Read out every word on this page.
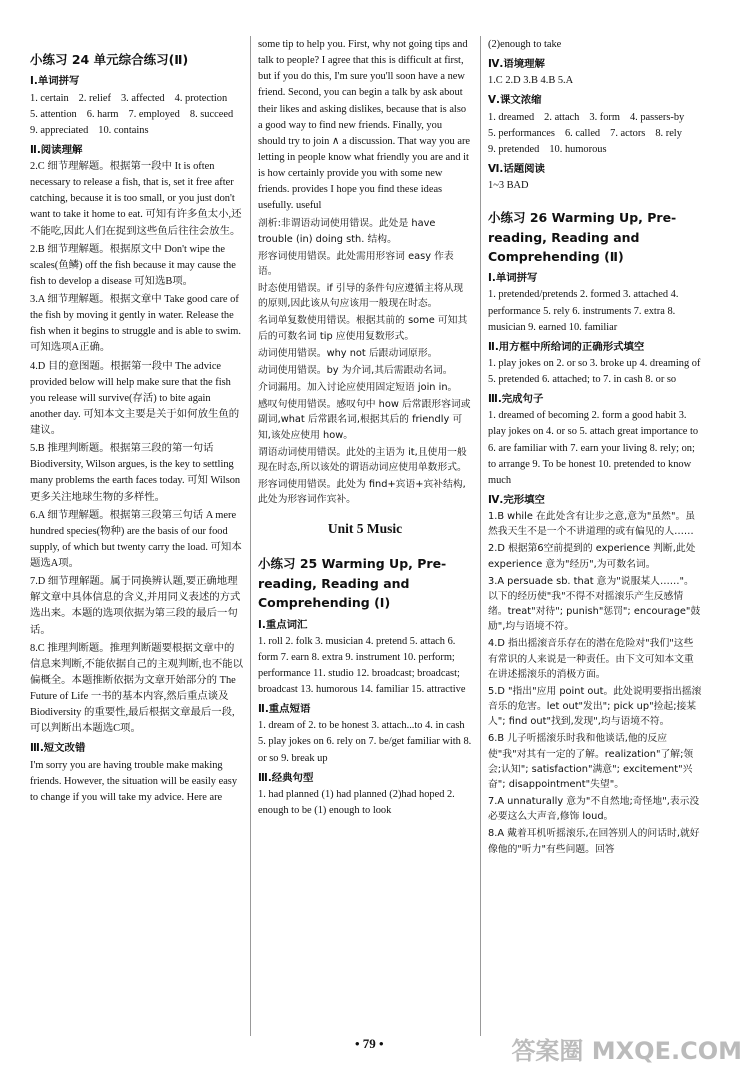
小练习 24 单元综合练习(Ⅱ)
Ⅰ.单词拼写
1. certain 2. relief 3. affected 4. protection
5. attention 6. harm 7. employed 8. succeed
9. appreciated 10. contains
Ⅱ.阅读理解
2.C 细节理解题。根据第一段中 It is often necessary to release a fish, that is, set it free after catching, because it is too small, or you just don't want to take it home to eat. 可知有许多鱼太小,还不能吃,因此人们在捉到这些鱼后往往会放生。
2.B 细节理解题。根据原文中 Don't wipe the scales(鱼鳞) off the fish because it may cause the fish to develop a disease 可知选B项。
3.A 细节理解题。根据文章中 Take good care of the fish by moving it gently in water. Release the fish when it begins to struggle and is able to swim. 可知选项A正确。
4.D 目的意图题。根据第一段中 The advice provided below will help make sure that the fish you release will survive(存活) to bite again another day. 可知本文主要是关于如何放生鱼的建议。
5.B 推理判断题。根据第三段的第一句话 Biodiversity, Wilson argues, is the key to settling many problems the earth faces today. 可知 Wilson 更多关注地球生物的多样性。
6.A 细节理解题。根据第三段第三句话 A mere hundred species(物种) are the basis of our food supply, of which but twenty carry the load. 可知本题选A项。
7.D 细节理解题。属于同换辨认题,要正确地理解文章中具体信息的含义,并用同义表述的方式选出来。本题的选项依据为第三段的最后一句话。
8.C 推理判断题。推理判断题要根据文章中的信息来判断,不能依据自己的主观判断,也不能以偏概全。本题推断依据为文章开始部分的 The Future of Life 一书的基本内容,然后重点谈及 Biodiversity 的重要性,最后根据文章最后一段,可以判断出本题选C项。
Ⅲ.短文改错
I'm sorry you are having trouble make making friends. However, the situation will be easily easy to change if you will take my advice. Here are
some tip to help you. First, why not going tips and talk to people? I agree that this is difficult at first, but if you do this, I'm sure you'll soon have a new friend. Second, you can begin a talk by ask about their likes and asking dislikes, because that is also a good way to find new friends. Finally, you should try to join ∧ a discussion. That way you are letting in people know what friendly you are and it is how certainly provide you with some new friends. provides I hope you find these ideas usefully. useful
剖析:非谓语动词使用错误。此处是 have trouble (in) doing sth. 结构。
形容词使用错误。此处需用形容词 easy 作表语。
时态使用错误。if 引导的条件句应遵循主将从现的原则,因此该从句应该用一般现在时态。
名词单复数使用错误。根据其前的 some 可知其后的可数名词 tip 应使用复数形式。
动词使用错误。why not 后跟动词原形。
动词使用错误。by 为介词,其后需跟动名词。
介词漏用。加入讨论应使用固定短语 join in。
感叹句使用错误。感叹句中 how 后常跟形容词或副词,what 后常跟名词,根据其后的 friendly 可知,该处应使用 how。
谓语动词使用错误。此处的主语为 it,且使用一般现在时态,所以该处的谓语动词应使用单数形式。
形容词使用错误。此处为 find+宾语+宾补结构,此处为形容词作宾补。
Unit 5 Music
小练习 25 Warming Up, Pre-reading, Reading and Comprehending (Ⅰ)
Ⅰ.重点词汇
1. roll 2. folk 3. musician 4. pretend 5. attach 6. form 7. earn 8. extra 9. instrument 10. perform; performance 11. studio 12. broadcast; broadcast; broadcast 13. humorous 14. familiar 15. attractive
Ⅱ.重点短语
1. dream of 2. to be honest 3. attach...to 4. in cash 5. play jokes on 6. rely on 7. be/get familiar with 8. or so 9. break up
Ⅲ.经典句型
1. had planned (1) had planned (2)had hoped 2. enough to be (1) enough to look
(2)enough to take
Ⅳ.语境理解
1.C 2.D 3.B 4.B 5.A
Ⅴ.课文浓缩
1. dreamed 2. attach 3. form 4. passers-by
5. performances 6. called 7. actors 8. rely
9. pretended 10. humorous
Ⅵ.话题阅读
1~3 BAD
小练习 26 Warming Up, Pre-reading, Reading and Comprehending (Ⅱ)
Ⅰ.单词拼写
1. pretended/pretends 2. formed 3. attached 4. performance 5. rely 6. instruments 7. extra 8. musician 9. earned 10. familiar
Ⅱ.用方框中所给词的正确形式填空
1. play jokes on 2. or so 3. broke up 4. dreaming of 5. pretended 6. attached; to 7. in cash 8. or so
Ⅲ.完成句子
1. dreamed of becoming 2. form a good habit 3. play jokes on 4. or so 5. attach great importance to 6. are familiar with 7. earn your living 8. rely; on; to arrange 9. To be honest 10. pretended to know much
Ⅳ.完形填空
1.B while 在此处含有让步之意,意为"虽然"。虽然我天生不是一个不讲道理的或有偏见的人……
2.D 根据第6空前提到的 experience 判断,此处 experience 意为"经历",为可数名词。
3.A persuade sb. that 意为"说服某人……"。以下的经历使"我"不得不对摇滚乐产生反感情绪。treat"对待"; punish"惩罚"; encourage"鼓励",均与语境不符。
4.D 指出摇滚音乐存在的潜在危险对"我们"这些有常识的人来说是一种责任。由下文可知本文重在讲述摇滚乐的消极方面。
5.D "指出"应用 point out。此处说明要指出摇滚音乐的危害。let out"发出"; pick up"捡起;接某人"; find out"找到,发现",均与语境不符。
6.B 儿子听摇滚乐时我和他谈话,他的反应使"我"对其有一定的了解。realization"了解;领会;认知"; satisfaction"满意"; excitement"兴奋"; disappointment"失望"。
7.A unnaturally 意为"不自然地;奇怪地",表示没必要这么大声音,修饰 loud。
8.A 戴着耳机听摇滚乐,在回答别人的问话时,就好像他的"听力"有些问题。回答
• 79 •	答案圈 MXQE.COM
